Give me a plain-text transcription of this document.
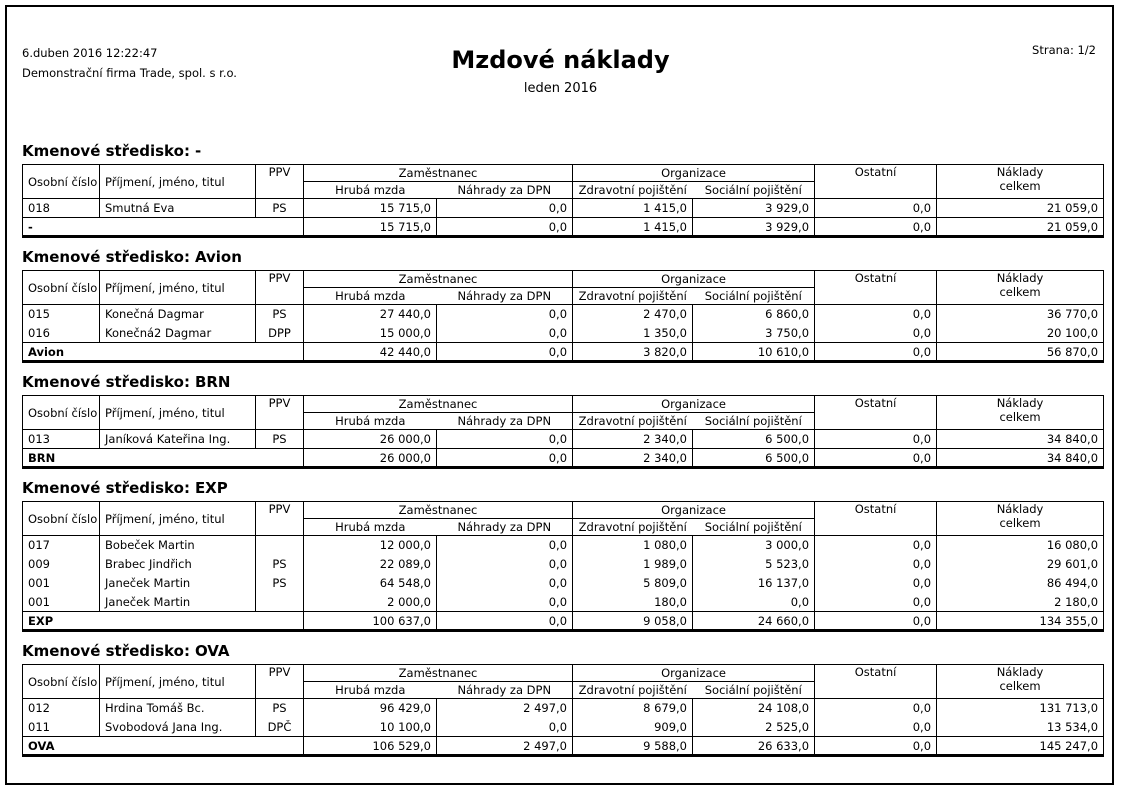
6.duben 2016 12:22:47
Demonstrační firma Trade, spol. s r.o.	Mzdové náklady
leden 2016
Strana: 1/2
Kmenové středisko: -
Osobní číslo	Příjmení, jméno, titul	PPV	Zaměstnanec		Organizace		Ostatní	Náklady
celkem
			Hrubá mzda	Náhrady za DPN	Zdravotní pojištění	Sociální pojištění		
018	Smutná Eva	PS	15 715,0	0,0	1 415,0	3 929,0	0,0	21 059,0
-			15 715,0	0,0	1 415,0	3 929,0	0,0	21 059,0
Kmenové středisko: Avion
Osobní číslo	Příjmení, jméno, titul	PPV	Zaměstnanec		Organizace		Ostatní	Náklady
celkem
			Hrubá mzda	Náhrady za DPN	Zdravotní pojištění	Sociální pojištění		
015	Konečná Dagmar	PS	27 440,0	0,0	2 470,0	6 860,0	0,0	36 770,0
016	Konečná2 Dagmar	DPP	15 000,0	0,0	1 350,0	3 750,0	0,0	20 100,0
Avion			42 440,0	0,0	3 820,0	10 610,0	0,0	56 870,0
Kmenové středisko: BRN
Osobní číslo	Příjmení, jméno, titul	PPV	Zaměstnanec		Organizace		Ostatní	Náklady
celkem
			Hrubá mzda	Náhrady za DPN	Zdravotní pojištění	Sociální pojištění		
013	Janíková Kateřina Ing.	PS	26 000,0	0,0	2 340,0	6 500,0	0,0	34 840,0
BRN			26 000,0	0,0	2 340,0	6 500,0	0,0	34 840,0
Kmenové středisko: EXP
Osobní číslo	Příjmení, jméno, titul	PPV	Zaměstnanec		Organizace		Ostatní	Náklady
celkem
			Hrubá mzda	Náhrady za DPN	Zdravotní pojištění	Sociální pojištění		
017	Bobeček Martin		12 000,0	0,0	1 080,0	3 000,0	0,0	16 080,0
009	Brabec Jindřich	PS	22 089,0	0,0	1 989,0	5 523,0	0,0	29 601,0
001	Janeček Martin	PS	64 548,0	0,0	5 809,0	16 137,0	0,0	86 494,0
001	Janeček Martin		2 000,0	0,0	180,0	0,0	0,0	2 180,0
EXP			100 637,0	0,0	9 058,0	24 660,0	0,0	134 355,0
Kmenové středisko: OVA
Osobní číslo	Příjmení, jméno, titul	PPV	Zaměstnanec		Organizace		Ostatní	Náklady
celkem
			Hrubá mzda	Náhrady za DPN	Zdravotní pojištění	Sociální pojištění		
012	Hrdina Tomáš Bc.	PS	96 429,0	2 497,0	8 679,0	24 108,0	0,0	131 713,0
011	Svobodová Jana Ing.	DPČ	10 100,0	0,0	909,0	2 525,0	0,0	13 534,0
OVA			106 529,0	2 497,0	9 588,0	26 633,0	0,0	145 247,0
